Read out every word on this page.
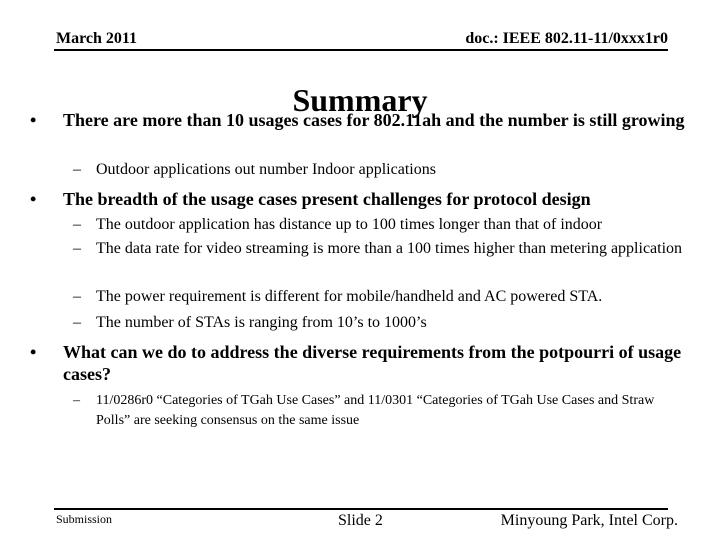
March 2011	doc.: IEEE 802.11-11/0xxx1r0
Summary
• There are more than 10 usages cases for 802.11ah and the number is still growing
– Outdoor applications out number Indoor applications
• The breadth of the usage cases present challenges for protocol design
– The outdoor application has distance up to 100 times longer than that of indoor
– The data rate for video streaming is more than a 100 times higher than metering application
– The power requirement is different for mobile/handheld and AC powered STA.
– The number of STAs is ranging from 10’s to 1000’s
• What can we do to address the diverse requirements from the potpourri of usage cases?
– 11/0286r0 “Categories of TGah Use Cases” and 11/0301 “Categories of TGah Use Cases and Straw Polls” are seeking consensus on the same issue
Submission	Slide 2	Minyoung Park, Intel Corp.
